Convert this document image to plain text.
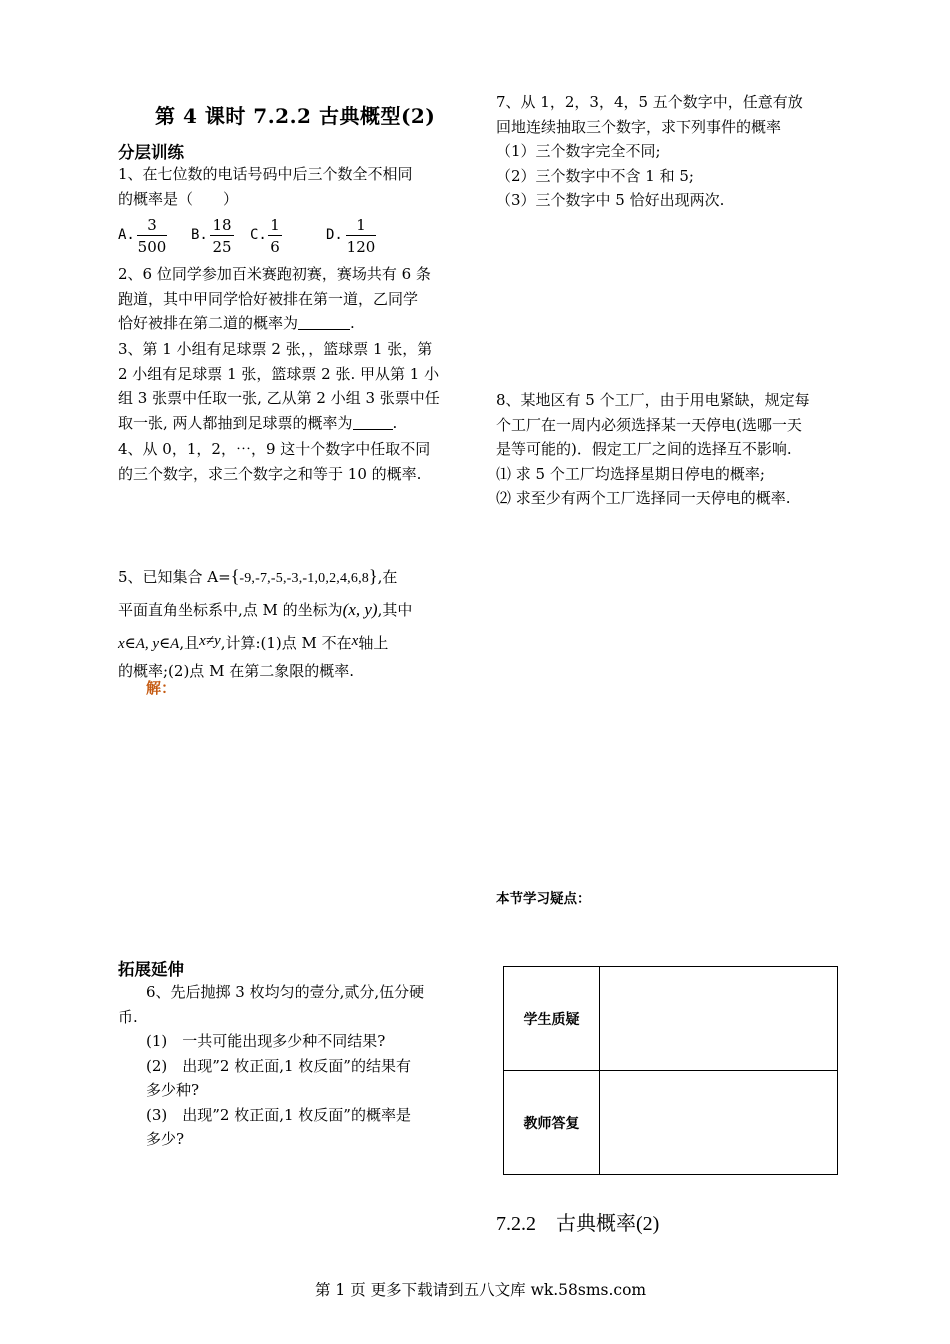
第 4 课时 7.2.2 古典概型(2)
分层训练
1、在七位数的电话号码中后三个数全不相同
的概率是（　　）
A.
3
500
B.
18
25
C.
1
6
D.
1
120
2、6 位同学参加百米赛跑初赛，赛场共有 6 条
跑道，其中甲同学恰好被排在第一道，乙同学
恰好被排在第二道的概率为	.
3、第 1 小组有足球票 2 张，，篮球票 1 张，第
2 小组有足球票 1 张，篮球票 2 张. 甲从第 1 小
组 3 张票中任取一张, 乙从第 2 小组 3 张票中任
取一张, 两人都抽到足球票的概率为	.
4、从 0，1，2，⋯，9 这十个数字中任取不同
的三个数字，求三个数字之和等于 10 的概率.
5、已知集合 A={-9,-7,-5,-3,-1,0,2,4,6,8},在
平面直角坐标系中,点 M 的坐标为(x, y),其中
x∈A, y∈A,且x≠y,计算:(1)点 M 不在x轴上
的概率;(2)点 M 在第二象限的概率.
解：
拓展延伸
6、先后抛掷 3 枚均匀的壹分,贰分,伍分硬
币.
(1)　一共可能出现多少种不同结果?
(2)　出现”2 枚正面,1 枚反面”的结果有
多少种?
(3)　出现”2 枚正面,1 枚反面”的概率是
多少?
7、从 1，2，3，4，5 五个数字中，任意有放
回地连续抽取三个数字，求下列事件的概率
（1）三个数字完全不同;
（2）三个数字中不含 1 和 5;
（3）三个数字中 5 恰好出现两次.
8、某地区有 5 个工厂，由于用电紧缺，规定每
个工厂在一周内必须选择某一天停电(选哪一天
是等可能的)．假定工厂之间的选择互不影响.
⑴ 求 5 个工厂均选择星期日停电的概率;
⑵ 求至少有两个工厂选择同一天停电的概率.
本节学习疑点：
学生质疑	
教师答复	
7.2.2　古典概率(2)
第 1 页 更多下载请到五八文库 wk.58sms.com
